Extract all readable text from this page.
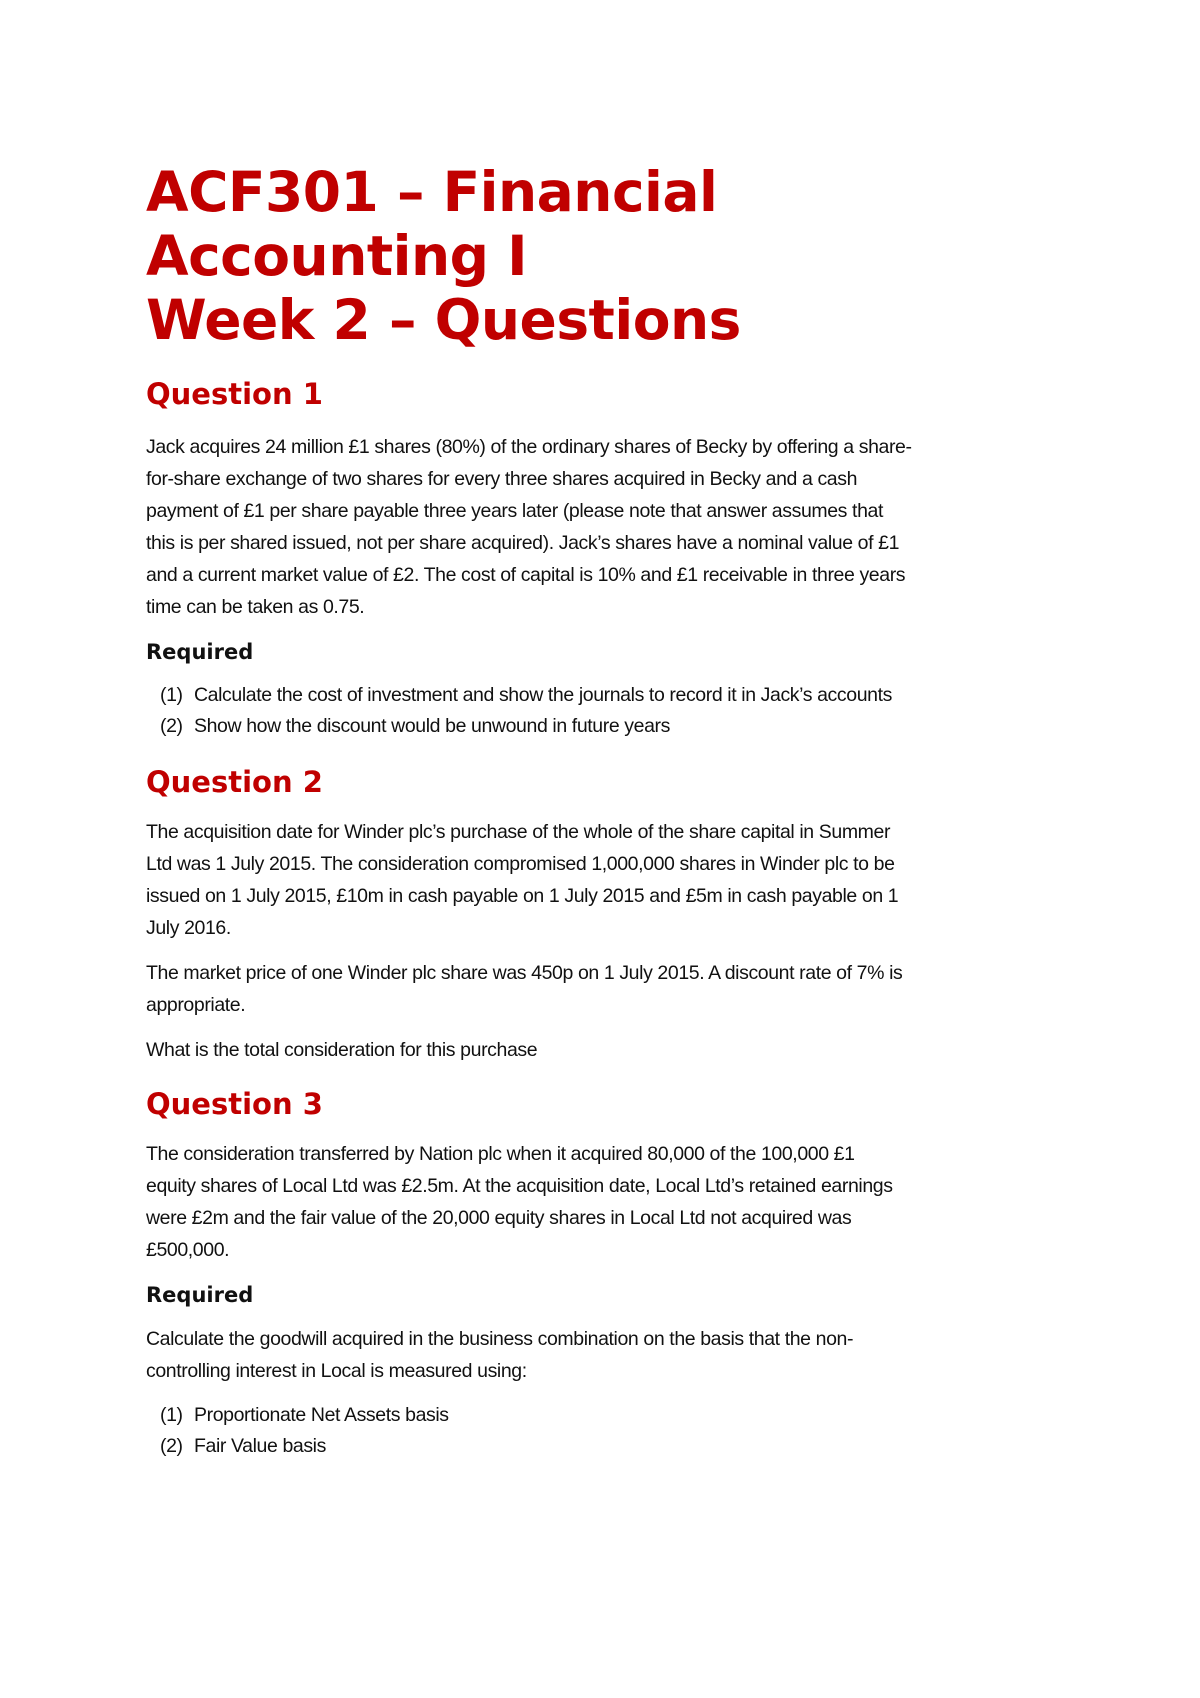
ACF301 – Financial
Accounting I
Week 2 – Questions
Question 1

Jack acquires 24 million £1 shares (80%) of the ordinary shares of Becky by offering a share-
for-share exchange of two shares for every three shares acquired in Becky and a cash
payment of £1 per share payable three years later (please note that answer assumes that
this is per shared issued, not per share acquired). Jack’s shares have a nominal value of £1
and a current market value of £2. The cost of capital is 10% and £1 receivable in three years
time can be taken as 0.75.

Required
(1) Calculate the cost of investment and show the journals to record it in Jack’s accounts
(2) Show how the discount would be unwound in future years
Question 2

The acquisition date for Winder plc’s purchase of the whole of the share capital in Summer
Ltd was 1 July 2015. The consideration compromised 1,000,000 shares in Winder plc to be
issued on 1 July 2015, £10m in cash payable on 1 July 2015 and £5m in cash payable on 1
July 2016.

The market price of one Winder plc share was 450p on 1 July 2015. A discount rate of 7% is
appropriate.

What is the total consideration for this purchase

Question 3

The consideration transferred by Nation plc when it acquired 80,000 of the 100,000 £1
equity shares of Local Ltd was £2.5m. At the acquisition date, Local Ltd’s retained earnings
were £2m and the fair value of the 20,000 equity shares in Local Ltd not acquired was
£500,000.

Required

Calculate the goodwill acquired in the business combination on the basis that the non-
controlling interest in Local is measured using:

(1) Proportionate Net Assets basis
(2) Fair Value basis
